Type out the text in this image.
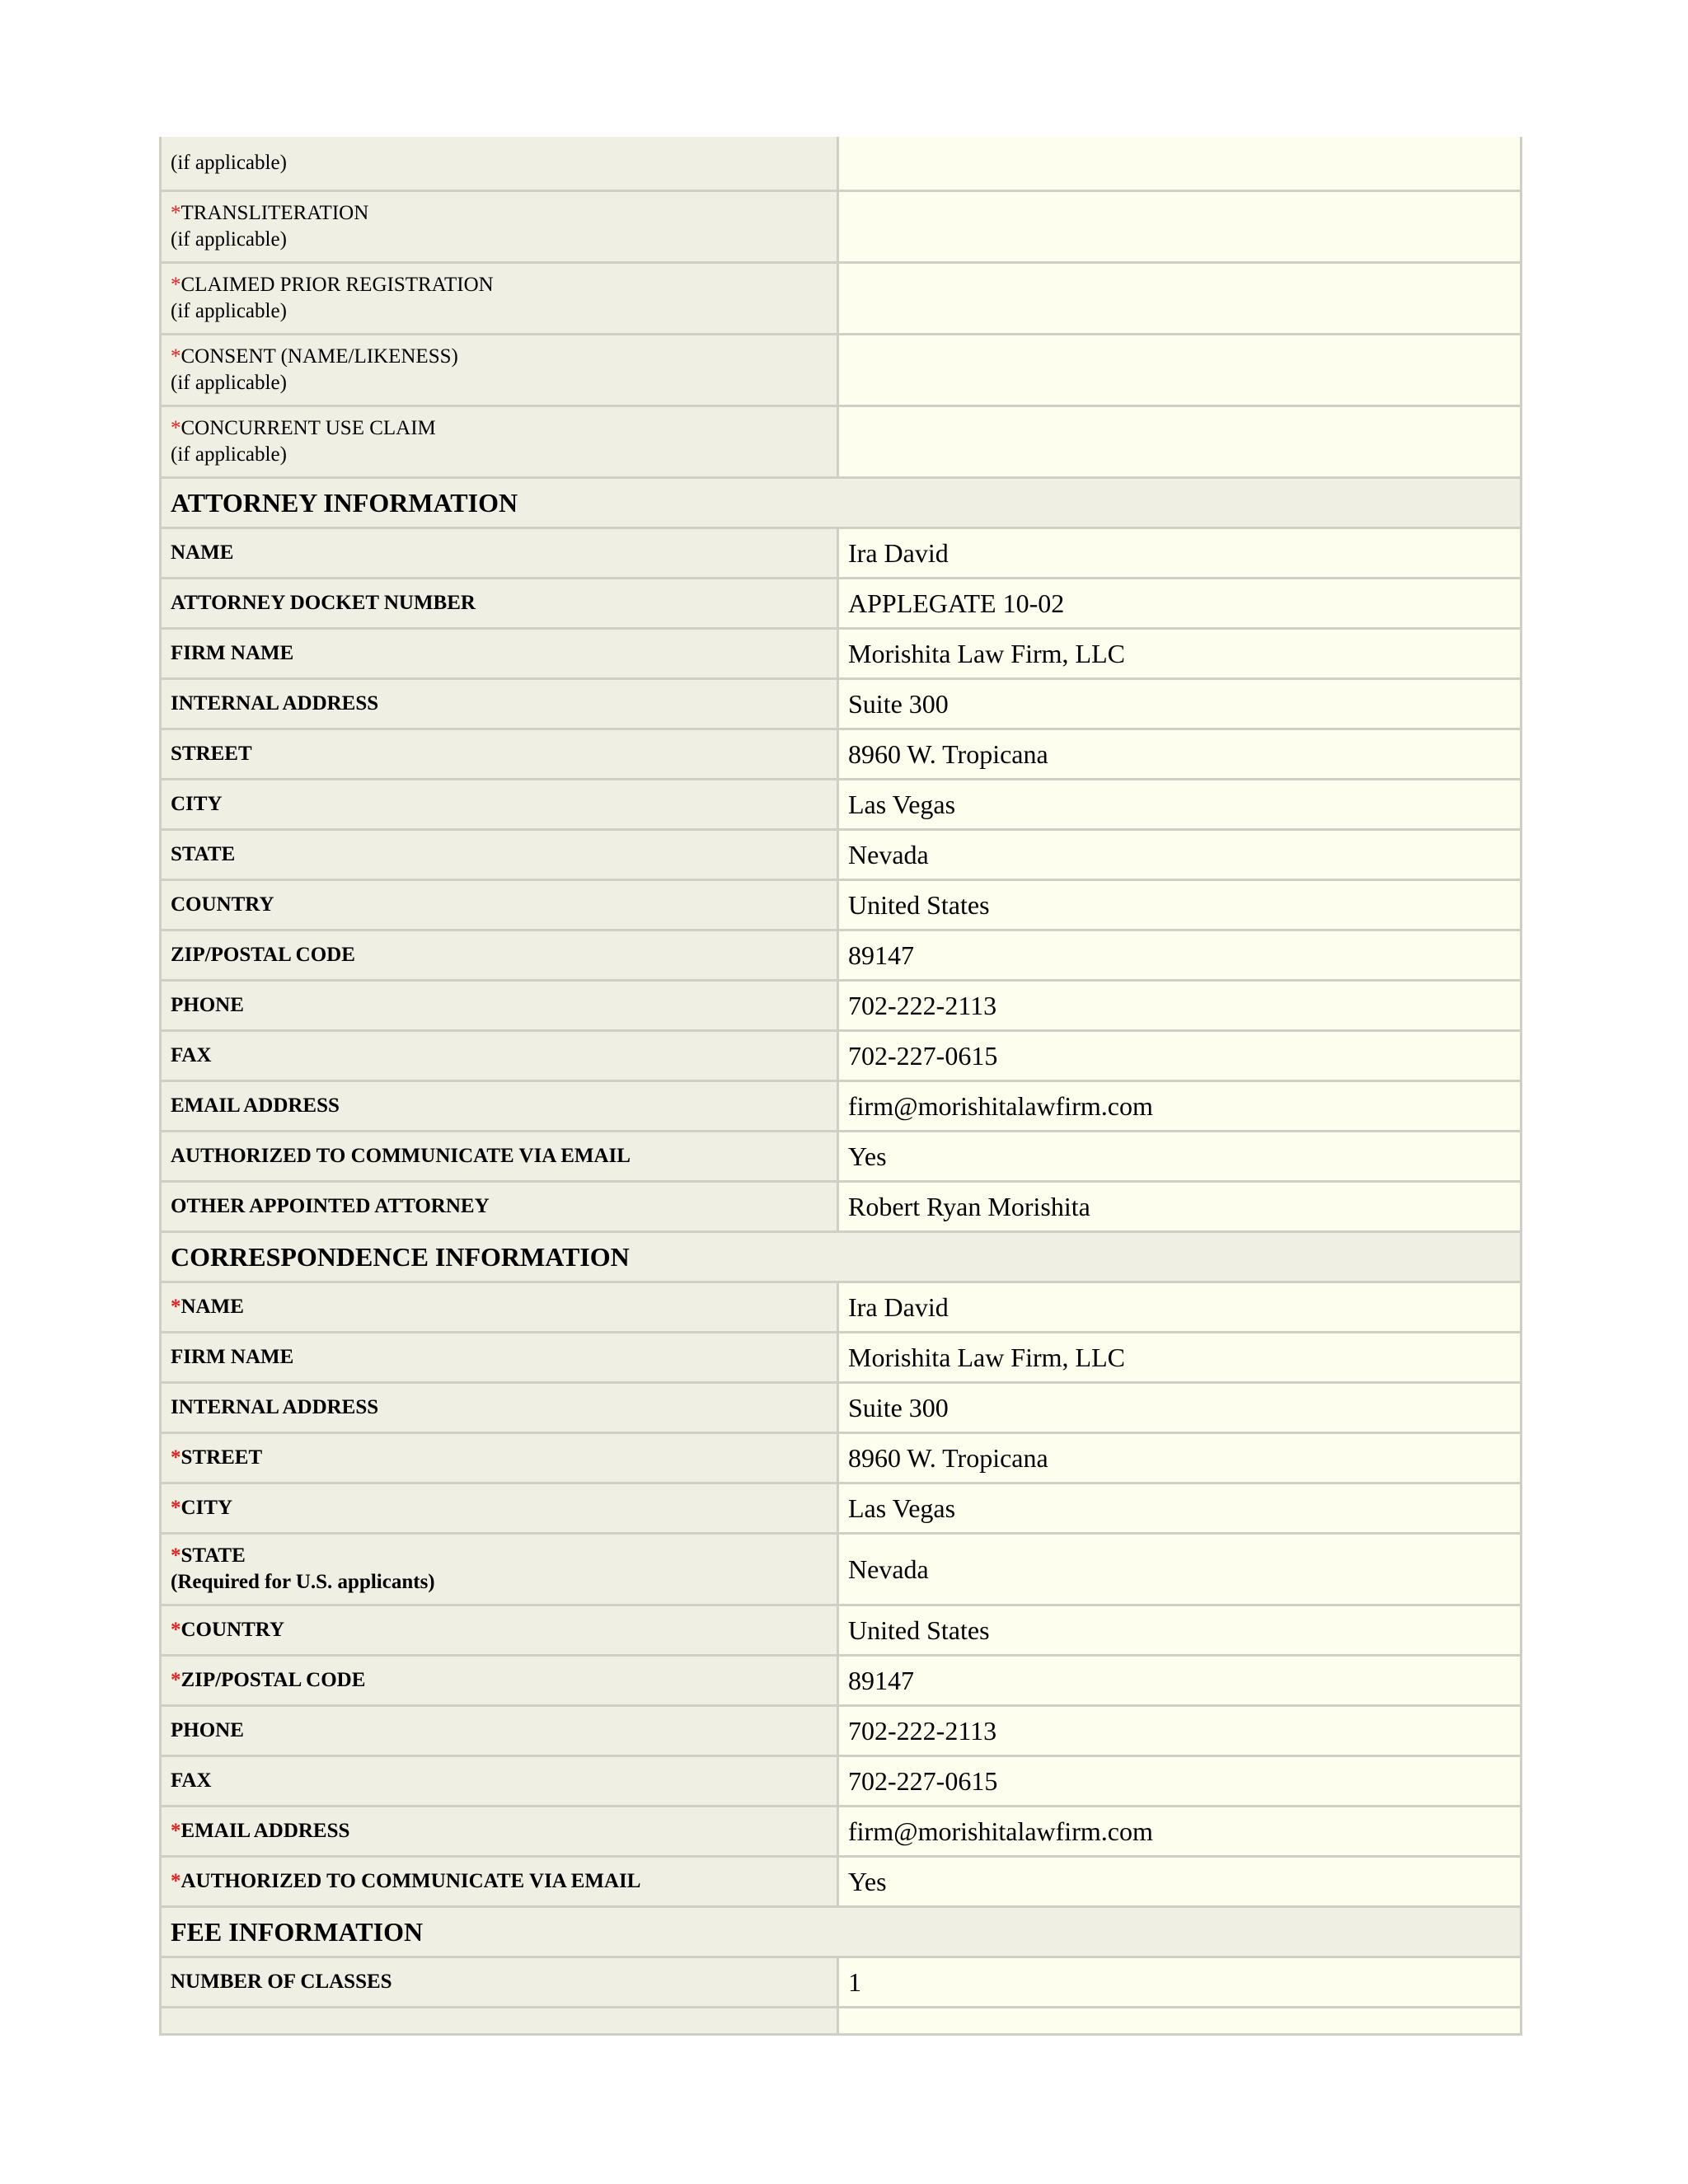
(if applicable)	

*TRANSLITERATION
(if applicable)	

*CLAIMED PRIOR REGISTRATION
(if applicable)	

*CONSENT (NAME/LIKENESS)
(if applicable)	

*CONCURRENT USE CLAIM
(if applicable)	

ATTORNEY INFORMATION	
NAME	Ira David
ATTORNEY DOCKET NUMBER	APPLEGATE 10-02
FIRM NAME	Morishita Law Firm, LLC
INTERNAL ADDRESS	Suite 300
STREET	8960 W. Tropicana
CITY	Las Vegas
STATE	Nevada
COUNTRY	United States
ZIP/POSTAL CODE	89147
PHONE	702-222-2113
FAX	702-227-0615
EMAIL ADDRESS	firm@morishitalawfirm.com
AUTHORIZED TO COMMUNICATE VIA EMAIL	Yes
OTHER APPOINTED ATTORNEY	Robert Ryan Morishita
CORRESPONDENCE INFORMATION	
*NAME	Ira David
FIRM NAME	Morishita Law Firm, LLC
INTERNAL ADDRESS	Suite 300
*STREET	8960 W. Tropicana
*CITY	Las Vegas
*STATE
(Required for U.S. applicants)	Nevada
*COUNTRY	United States
*ZIP/POSTAL CODE	89147
PHONE	702-222-2113
FAX	702-227-0615
*EMAIL ADDRESS	firm@morishitalawfirm.com
*AUTHORIZED TO COMMUNICATE VIA EMAIL	Yes
FEE INFORMATION	
NUMBER OF CLASSES	1
